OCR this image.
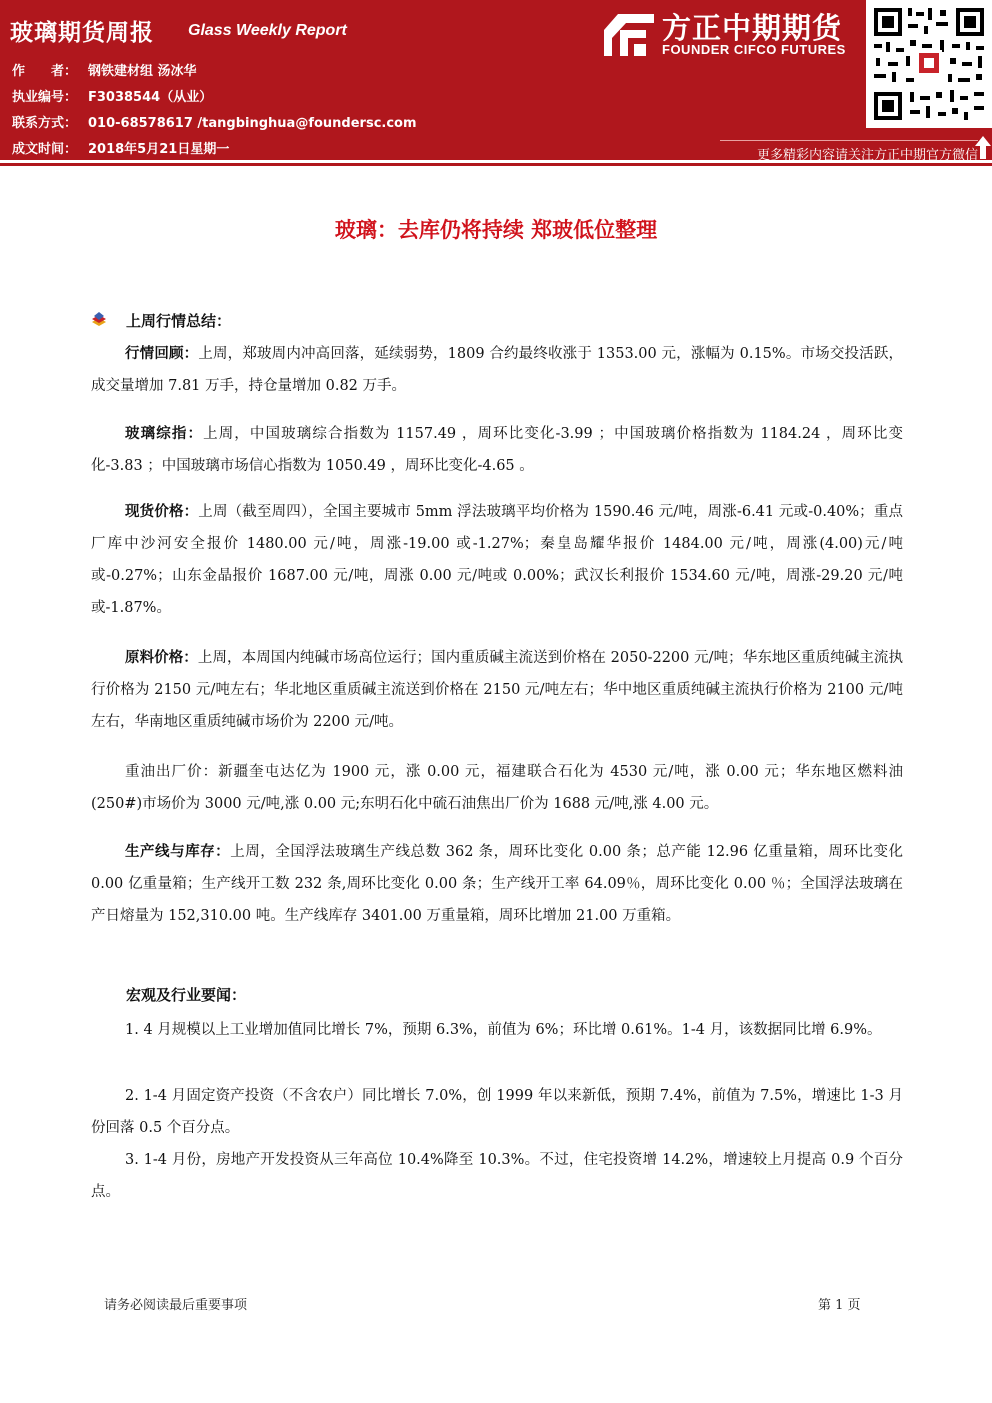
玻璃期货周报 Glass Weekly Report
作　　者： 钢铁建材组 汤冰华
执业编号： F3038544（从业）
联系方式： 010-68578617 /tangbinghua@foundersc.com
成文时间： 2018年5月21日星期一
方正中期期货
FOUNDER CIFCO FUTURES
更多精彩内容请关注方正中期官方微信
玻璃：去库仍将持续 郑玻低位整理
上周行情总结：
行情回顾：上周，郑玻周内冲高回落，延续弱势，1809 合约最终收涨于 1353.00 元，涨幅为 0.15%。市场交投活跃，成交量增加 7.81 万手，持仓量增加 0.82 万手。
玻璃综指：上周，中国玻璃综合指数为 1157.49 ，周环比变化-3.99 ；中国玻璃价格指数为 1184.24 ，周环比变化-3.83 ；中国玻璃市场信心指数为 1050.49 ，周环比变化-4.65 。
现货价格：上周（截至周四），全国主要城市 5mm 浮法玻璃平均价格为 1590.46 元/吨，周涨-6.41 元或-0.40%；重点厂库中沙河安全报价 1480.00 元/吨，周涨-19.00 或-1.27%；秦皇岛耀华报价 1484.00 元/吨，周涨(4.00)元/吨或-0.27%；山东金晶报价 1687.00 元/吨，周涨 0.00 元/吨或 0.00%；武汉长利报价 1534.60 元/吨，周涨-29.20 元/吨或-1.87%。
原料价格：上周，本周国内纯碱市场高位运行；国内重质碱主流送到价格在 2050-2200 元/吨；华东地区重质纯碱主流执行价格为 2150 元/吨左右；华北地区重质碱主流送到价格在 2150 元/吨左右；华中地区重质纯碱主流执行价格为 2100 元/吨左右，华南地区重质纯碱市场价为 2200 元/吨。
重油出厂价：新疆奎屯达亿为 1900 元，涨 0.00 元，福建联合石化为 4530 元/吨，涨 0.00 元；华东地区燃料油(250#)市场价为 3000 元/吨,涨 0.00 元;东明石化中硫石油焦出厂价为 1688 元/吨,涨 4.00 元。
生产线与库存：上周，全国浮法玻璃生产线总数 362 条，周环比变化 0.00 条；总产能 12.96 亿重量箱，周环比变化 0.00 亿重量箱；生产线开工数 232 条,周环比变化 0.00 条；生产线开工率 64.09％，周环比变化 0.00 ％；全国浮法玻璃在产日熔量为 152,310.00 吨。生产线库存 3401.00 万重量箱，周环比增加 21.00 万重箱。
宏观及行业要闻：
1. 4 月规模以上工业增加值同比增长 7%，预期 6.3%，前值为 6%；环比增 0.61%。1-4 月，该数据同比增 6.9%。
2. 1-4 月固定资产投资（不含农户）同比增长 7.0%，创 1999 年以来新低，预期 7.4%，前值为 7.5%，增速比 1-3 月份回落 0.5 个百分点。
3. 1-4 月份，房地产开发投资从三年高位 10.4%降至 10.3%。不过，住宅投资增 14.2%，增速较上月提高 0.9 个百分点。
请务必阅读最后重要事项	第 1 页
